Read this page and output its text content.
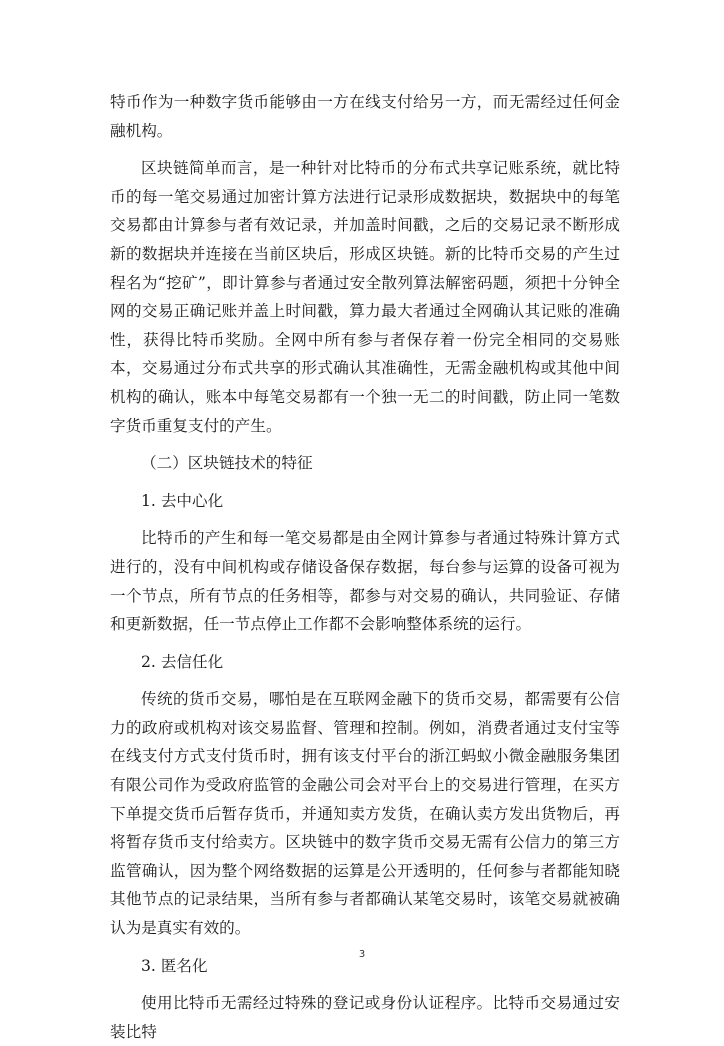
特币作为一种数字货币能够由一方在线支付给另一方，而无需经过任何金融机构。

区块链简单而言，是一种针对比特币的分布式共享记账系统，就比特币的每一笔交易通过加密计算方法进行记录形成数据块，数据块中的每笔交易都由计算参与者有效记录，并加盖时间戳，之后的交易记录不断形成新的数据块并连接在当前区块后，形成区块链。新的比特币交易的产生过程名为“挖矿”，即计算参与者通过安全散列算法解密码题，须把十分钟全网的交易正确记账并盖上时间戳，算力最大者通过全网确认其记账的准确性，获得比特币奖励。全网中所有参与者保存着一份完全相同的交易账本，交易通过分布式共享的形式确认其准确性，无需金融机构或其他中间机构的确认，账本中每笔交易都有一个独一无二的时间戳，防止同一笔数字货币重复支付的产生。

（二）区块链技术的特征

1. 去中心化

比特币的产生和每一笔交易都是由全网计算参与者通过特殊计算方式进行的，没有中间机构或存储设备保存数据，每台参与运算的设备可视为一个节点，所有节点的任务相等，都参与对交易的确认，共同验证、存储和更新数据，任一节点停止工作都不会影响整体系统的运行。

2. 去信任化

传统的货币交易，哪怕是在互联网金融下的货币交易，都需要有公信力的政府或机构对该交易监督、管理和控制。例如，消费者通过支付宝等在线支付方式支付货币时，拥有该支付平台的浙江蚂蚁小微金融服务集团有限公司作为受政府监管的金融公司会对平台上的交易进行管理，在买方下单提交货币后暂存货币，并通知卖方发货，在确认卖方发出货物后，再将暂存货币支付给卖方。区块链中的数字货币交易无需有公信力的第三方监管确认，因为整个网络数据的运算是公开透明的，任何参与者都能知晓其他节点的记录结果，当所有参与者都确认某笔交易时，该笔交易就被确认为是真实有效的。

3. 匿名化

使用比特币无需经过特殊的登记或身份认证程序。比特币交易通过安装比特

3
